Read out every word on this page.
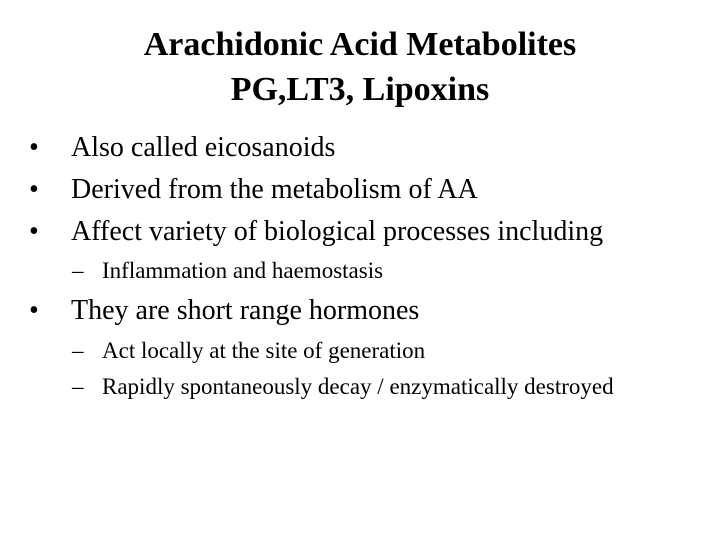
Arachidonic Acid Metabolites
PG,LT3, Lipoxins
• Also called eicosanoids
• Derived from the metabolism of AA
• Affect variety of biological processes including
– Inflammation and haemostasis
• They are short range hormones
– Act locally at the site of generation
– Rapidly spontaneously decay / enzymatically destroyed
